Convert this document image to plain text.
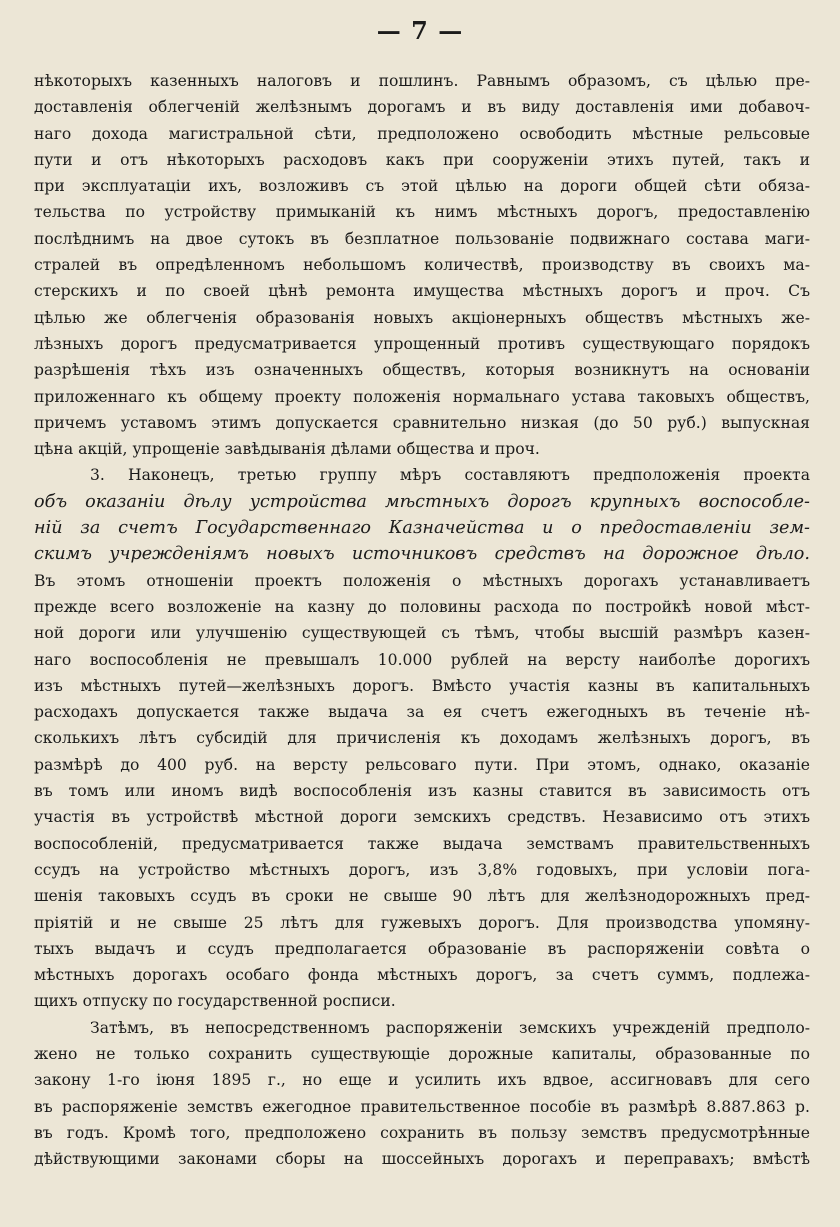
— 7 —
нѣкоторыхъ казенныхъ налоговъ и пошлинъ. Равнымъ образомъ, съ цѣлью пре-
доставленія облегченій желѣзнымъ дорогамъ и въ виду доставленія ими добавоч-
наго дохода магистральной сѣти, предположено освободить мѣстные рельсовые
пути и отъ нѣкоторыхъ расходовъ какъ при сооруженіи этихъ путей, такъ и
при эксплуатаціи ихъ, возложивъ съ этой цѣлью на дороги общей сѣти обяза-
тельства по устройству примыканій къ нимъ мѣстныхъ дорогъ, предоставленію
послѣднимъ на двое сутокъ въ безплатное пользованіе подвижнаго состава маги-
стралей въ опредѣленномъ небольшомъ количествѣ, производству въ своихъ ма-
стерскихъ и по своей цѣнѣ ремонта имущества мѣстныхъ дорогъ и проч. Съ
цѣлью же облегченія образованія новыхъ акціонерныхъ обществъ мѣстныхъ же-
лѣзныхъ дорогъ предусматривается упрощенный противъ существующаго порядокъ
разрѣшенія тѣхъ изъ означенныхъ обществъ, которыя возникнутъ на основаніи
приложеннаго къ общему проекту положенія нормальнаго устава таковыхъ обществъ,
причемъ уставомъ этимъ допускается сравнительно низкая (до 50 руб.) выпускная
цѣна акцій, упрощеніе завѣдыванія дѣлами общества и проч.
3. Наконецъ, третью группу мѣръ составляютъ предположенія проекта
объ оказаніи дѣлу устройства мѣстныхъ дорогъ крупныхъ воспособле-
ній за счетъ Государственнаго Казначейства и о предоставленіи зем-
скимъ учрежденіямъ новыхъ источниковъ средствъ на дорожное дѣло.
Въ этомъ отношеніи проектъ положенія о мѣстныхъ дорогахъ устанавливаетъ
прежде всего возложеніе на казну до половины расхода по постройкѣ новой мѣст-
ной дороги или улучшенію существующей съ тѣмъ, чтобы высшій размѣръ казен-
наго воспособленія не превышалъ 10.000 рублей на версту наиболѣе дорогихъ
изъ мѣстныхъ путей—желѣзныхъ дорогъ. Вмѣсто участія казны въ капитальныхъ
расходахъ допускается также выдача за ея счетъ ежегодныхъ въ теченіе нѣ-
сколькихъ лѣтъ субсидій для причисленія къ доходамъ желѣзныхъ дорогъ, въ
размѣрѣ до 400 руб. на версту рельсоваго пути. При этомъ, однако, оказаніе
въ томъ или иномъ видѣ воспособленія изъ казны ставится въ зависимость отъ
участія въ устройствѣ мѣстной дороги земскихъ средствъ. Независимо отъ этихъ
воспособленій, предусматривается также выдача земствамъ правительственныхъ
ссудъ на устройство мѣстныхъ дорогъ, изъ 3,8% годовыхъ, при условіи пога-
шенія таковыхъ ссудъ въ сроки не свыше 90 лѣтъ для желѣзнодорожныхъ пред-
пріятій и не свыше 25 лѣтъ для гужевыхъ дорогъ. Для производства упомяну-
тыхъ выдачъ и ссудъ предполагается образованіе въ распоряженіи совѣта о
мѣстныхъ дорогахъ особаго фонда мѣстныхъ дорогъ, за счетъ суммъ, подлежа-
щихъ отпуску по государственной росписи.
Затѣмъ, въ непосредственномъ распоряженіи земскихъ учрежденій предполо-
жено не только сохранить существующіе дорожные капиталы, образованные по
закону 1-го іюня 1895 г., но еще и усилить ихъ вдвое, ассигновавъ для сего
въ распоряженіе земствъ ежегодное правительственное пособіе въ размѣрѣ 8.887.863 р.
въ годъ. Кромѣ того, предположено сохранить въ пользу земствъ предусмотрѣнные
дѣйствующими законами сборы на шоссейныхъ дорогахъ и переправахъ; вмѣстѣ
